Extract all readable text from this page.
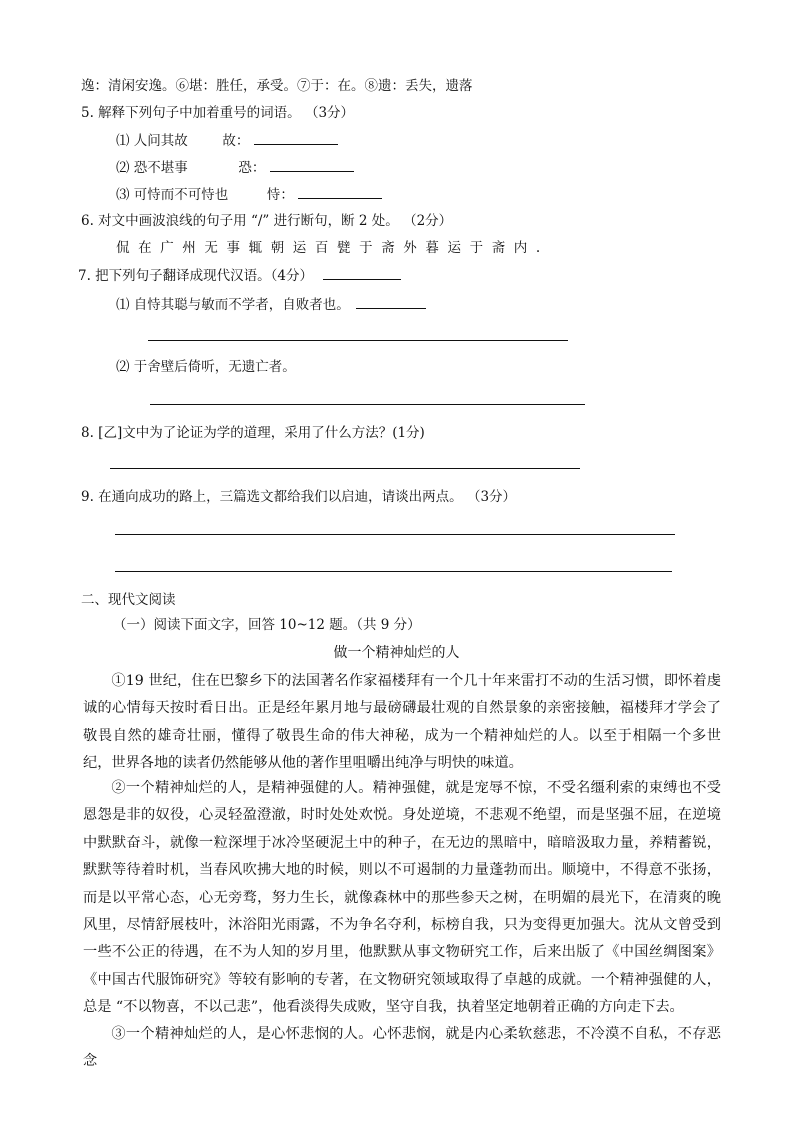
逸：清闲安逸。⑥堪：胜任，承受。⑦于：在。⑧遗：丢失，遗落
5. 解释下列句子中加着重号的词语。 （3分）
⑴ 人问其故	故：
⑵ 恐不堪事	恐：
⑶ 可恃而不可恃也	恃：
6. 对文中画波浪线的句子用 “/” 进行断句，断 2 处。 （2分）
侃在广州无事辄朝运百甓于斋外暮运于斋内.
7. 把下列句子翻译成现代汉语。（4分）
⑴ 自恃其聪与敏而不学者，自败者也。
⑵ 于舍壁后倚听，无遗亡者。
8. [乙]文中为了论证为学的道理，采用了什么方法？(1分)
9. 在通向成功的路上，三篇选文都给我们以启迪，请谈出两点。 （3分）
二、现代文阅读
（一）阅读下面文字，回答 10~12 题。（共 9 分）
做一个精神灿烂的人
①19 世纪，住在巴黎乡下的法国著名作家福楼拜有一个几十年来雷打不动的生活习惯，即怀着虔诚的心情每天按时看日出。正是经年累月地与最磅礴最壮观的自然景象的亲密接触，福楼拜才学会了敬畏自然的雄奇壮丽，懂得了敬畏生命的伟大神秘，成为一个精神灿烂的人。以至于相隔一个多世纪，世界各地的读者仍然能够从他的著作里咀嚼出纯净与明快的味道。
②一个精神灿烂的人，是精神强健的人。精神强健，就是宠辱不惊，不受名缰利索的束缚也不受恩怨是非的奴役，心灵轻盈澄澈，时时处处欢悦。身处逆境，不悲观不绝望，而是坚强不屈，在逆境中默默奋斗，就像一粒深埋于冰冷坚硬泥土中的种子，在无边的黑暗中，暗暗汲取力量，养精蓄锐，默默等待着时机，当春风吹拂大地的时候，则以不可遏制的力量蓬勃而出。顺境中，不得意不张扬，而是以平常心态，心无旁骛，努力生长，就像森林中的那些参天之树，在明媚的晨光下，在清爽的晚风里，尽情舒展枝叶，沐浴阳光雨露，不为争名夺利，标榜自我，只为变得更加强大。沈从文曾受到一些不公正的待遇，在不为人知的岁月里，他默默从事文物研究工作，后来出版了《中国丝绸图案》《中国古代服饰研究》等较有影响的专著，在文物研究领域取得了卓越的成就。一个精神强健的人，总是 “不以物喜，不以己悲”，他看淡得失成败，坚守自我，执着坚定地朝着正确的方向走下去。
③一个精神灿烂的人，是心怀悲悯的人。心怀悲悯，就是内心柔软慈悲，不冷漠不自私，不存恶念
